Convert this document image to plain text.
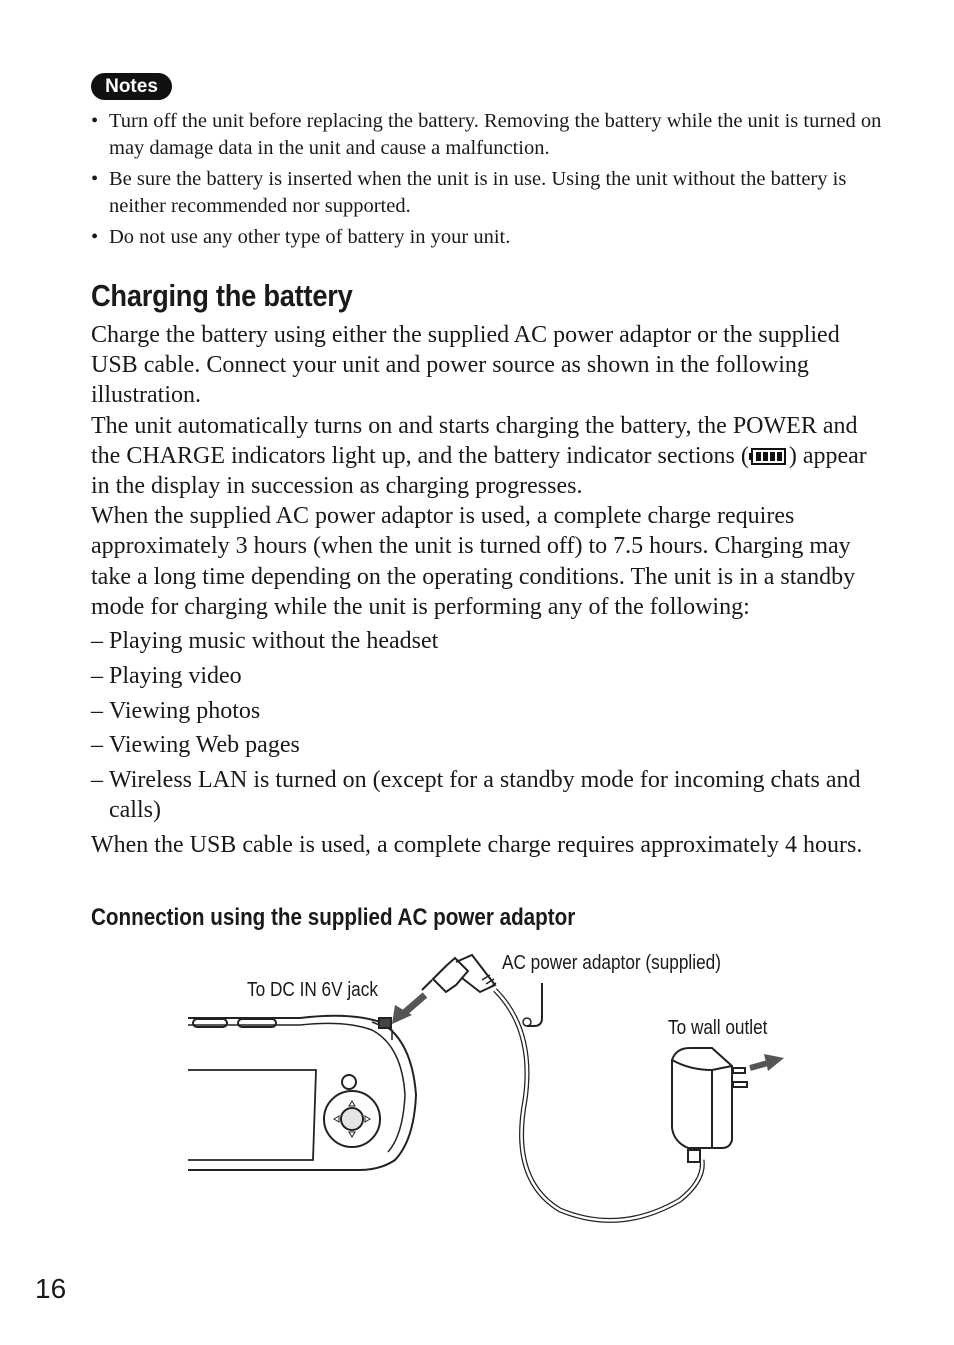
Notes
• Turn off the unit before replacing the battery. Removing the battery while the unit is turned on may damage data in the unit and cause a malfunction.
• Be sure the battery is inserted when the unit is in use. Using the unit without the battery is neither recommended nor supported.
• Do not use any other type of battery in your unit.
Charging the battery

Charge the battery using either the supplied AC power adaptor or the supplied USB cable. Connect your unit and power source as shown in the following illustration.

The unit automatically turns on and starts charging the battery, the POWER and the CHARGE indicators light up, and the battery indicator sections ( ) appear in the display in succession as charging progresses.

When the supplied AC power adaptor is used, a complete charge requires approximately 3 hours (when the unit is turned off) to 7.5 hours. Charging may take a long time depending on the operating conditions. The unit is in a standby mode for charging while the unit is performing any of the following:

– Playing music without the headset
– Playing video
– Viewing photos
– Viewing Web pages
– Wireless LAN is turned on (except for a standby mode for incoming chats and calls)

When the USB cable is used, a complete charge requires approximately 4 hours.

Connection using the supplied AC power adaptor
To DC IN 6V jack
AC power adaptor (supplied)
To wall outlet
16
